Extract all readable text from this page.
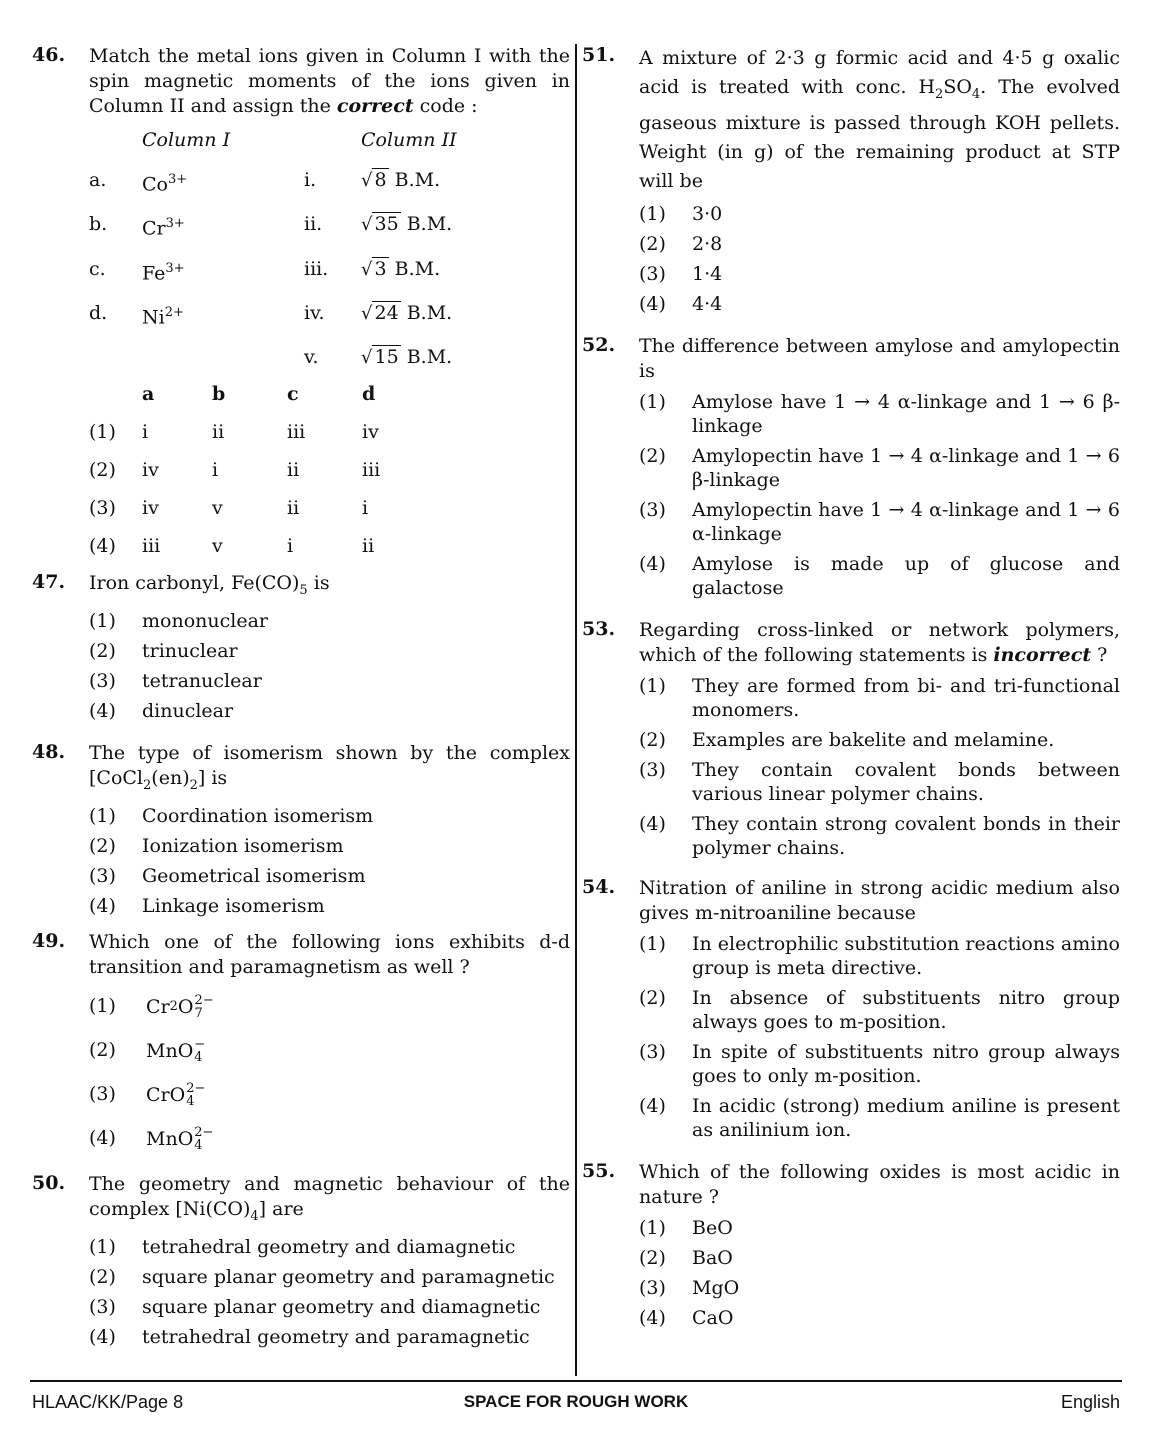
46.	Match the metal ions given in Column I with the spin magnetic moments of the ions given in Column II and assign the correct code :
Column I	Column II
a.	$Co^{3+}$	i.	√ 8 B.M.
b.	$Cr^{3+}$	ii.	√ 35 B.M.
c.	$Fe^{3+}$	iii.	√ 3 B.M.
d.	$Ni^{2+}$	iv.	√ 24 B.M.
v.	√ 15 B.M.
a	b	c	d
(1)	i	ii	iii	iv
(2)	iv	i	ii	iii
(3)	iv	v	ii	i
(4)	iii	v	i	ii
47.	Iron carbonyl, $Fe(CO)_5$ is
(1)	mononuclear
(2)	trinuclear
(3)	tetranuclear
(4)	dinuclear
48.	The type of isomerism shown by the complex $[CoCl_2(en)_2]$ is
(1)	Coordination isomerism
(2)	Ionization isomerism
(3)	Geometrical isomerism
(4)	Linkage isomerism
49.	Which one of the following ions exhibits d-d transition and paramagnetism as well ?
(1)	Cr 2 O 2−
7
(2)	MnO −
4
(3)	CrO 2−
4
(4)	MnO 2−
4
50.	The geometry and magnetic behaviour of the complex $[Ni(CO)_4]$ are
(1)	tetrahedral geometry and diamagnetic
(2)	square planar geometry and paramagnetic
(3)	square planar geometry and diamagnetic
(4)	tetrahedral geometry and paramagnetic
51.	A mixture of 2·3 g formic acid and 4·5 g oxalic acid is treated with conc. $H_2SO_4$. The evolved gaseous mixture is passed through KOH pellets. Weight (in g) of the remaining product at STP will be
(1)	3·0
(2)	2·8
(3)	1·4
(4)	4·4
52.	The difference between amylose and amylopectin is
(1)	Amylose have 1 → 4 α-linkage and 1 → 6 β-linkage
(2)	Amylopectin have 1 → 4 α-linkage and 1 → 6 β-linkage
(3)	Amylopectin have 1 → 4 α-linkage and 1 → 6 α-linkage
(4)	Amylose is made up of glucose and galactose
53.	Regarding cross-linked or network polymers, which of the following statements is incorrect ?
(1)	They are formed from bi- and tri-functional monomers.
(2)	Examples are bakelite and melamine.
(3)	They contain covalent bonds between various linear polymer chains.
(4)	They contain strong covalent bonds in their polymer chains.
54.	Nitration of aniline in strong acidic medium also gives m-nitroaniline because
(1)	In electrophilic substitution reactions amino group is meta directive.
(2)	In absence of substituents nitro group always goes to m-position.
(3)	In spite of substituents nitro group always goes to only m-position.
(4)	In acidic (strong) medium aniline is present as anilinium ion.
55.	Which of the following oxides is most acidic in nature ?
(1)	BeO
(2)	BaO
(3)	MgO
(4)	CaO
HLAAC/KK/Page 8	SPACE FOR ROUGH WORK	English
